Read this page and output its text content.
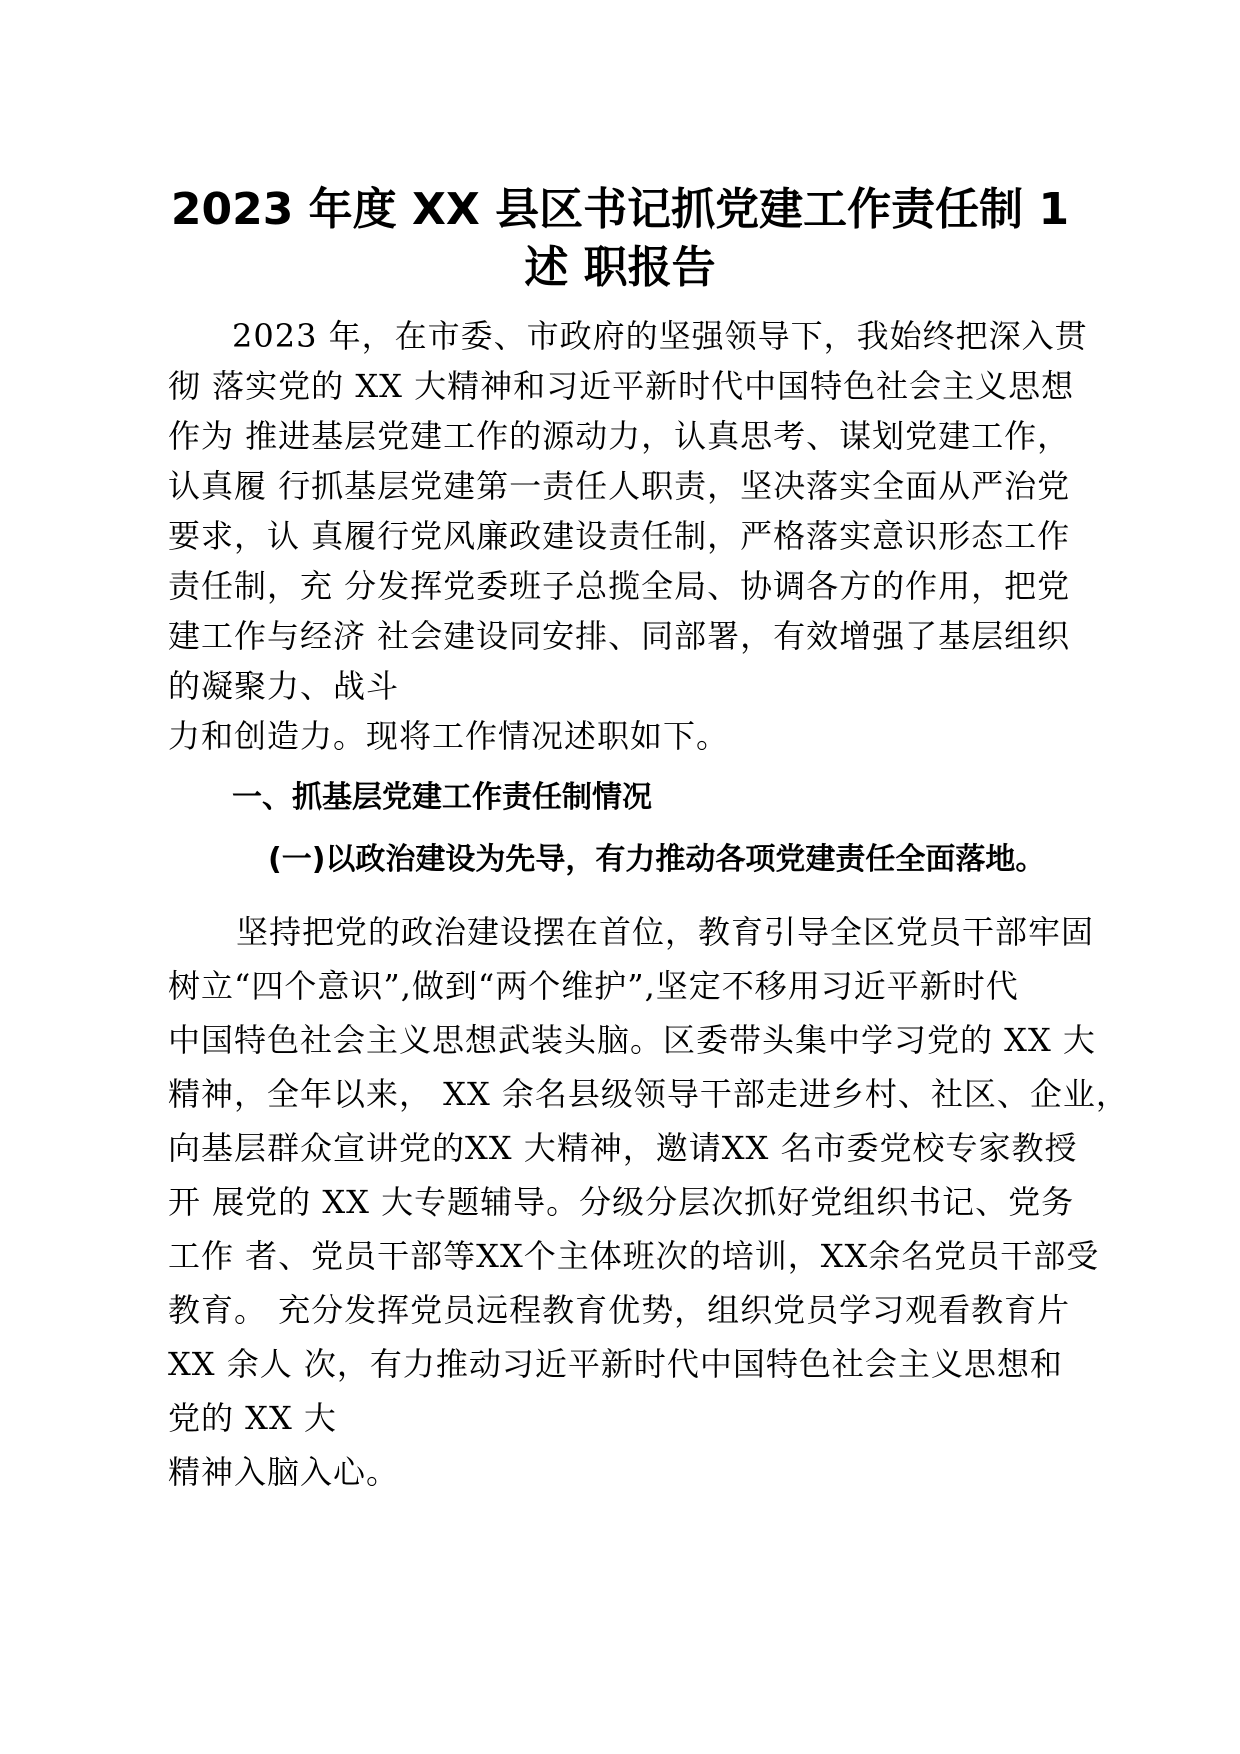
2023 年度 XX 县区书记抓党建工作责任制 1
述 职报告
2023 年，在市委、市政府的坚强领导下，我始终把深入贯
彻 落实党的 XX 大精神和习近平新时代中国特色社会主义思想
作为 推进基层党建工作的源动力，认真思考、谋划党建工作，
认真履 行抓基层党建第一责任人职责，坚决落实全面从严治党
要求，认 真履行党风廉政建设责任制，严格落实意识形态工作
责任制，充 分发挥党委班子总揽全局、协调各方的作用，把党
建工作与经济 社会建设同安排、同部署，有效增强了基层组织
的凝聚力、战斗
力和创造力。现将工作情况述职如下。
一、抓基层党建工作责任制情况
(一)以政治建设为先导，有力推动各项党建责任全面落地。
坚持把党的政治建设摆在首位，教育引导全区党员干部牢固
树立“四个意识”,做到“两个维护”,坚定不移用习近平新时代
中国特色社会主义思想武装头脑。区委带头集中学习党的 XX 大
精神，全年以来， XX 余名县级领导干部走进乡村、社区、企业，
向基层群众宣讲党的XX 大精神，邀请XX 名市委党校专家教授
开 展党的 XX 大专题辅导。分级分层次抓好党组织书记、党务
工作 者、党员干部等XX个主体班次的培训，XX余名党员干部受
教育。 充分发挥党员远程教育优势，组织党员学习观看教育片
XX 余人 次，有力推动习近平新时代中国特色社会主义思想和
党的 XX 大
精神入脑入心。
